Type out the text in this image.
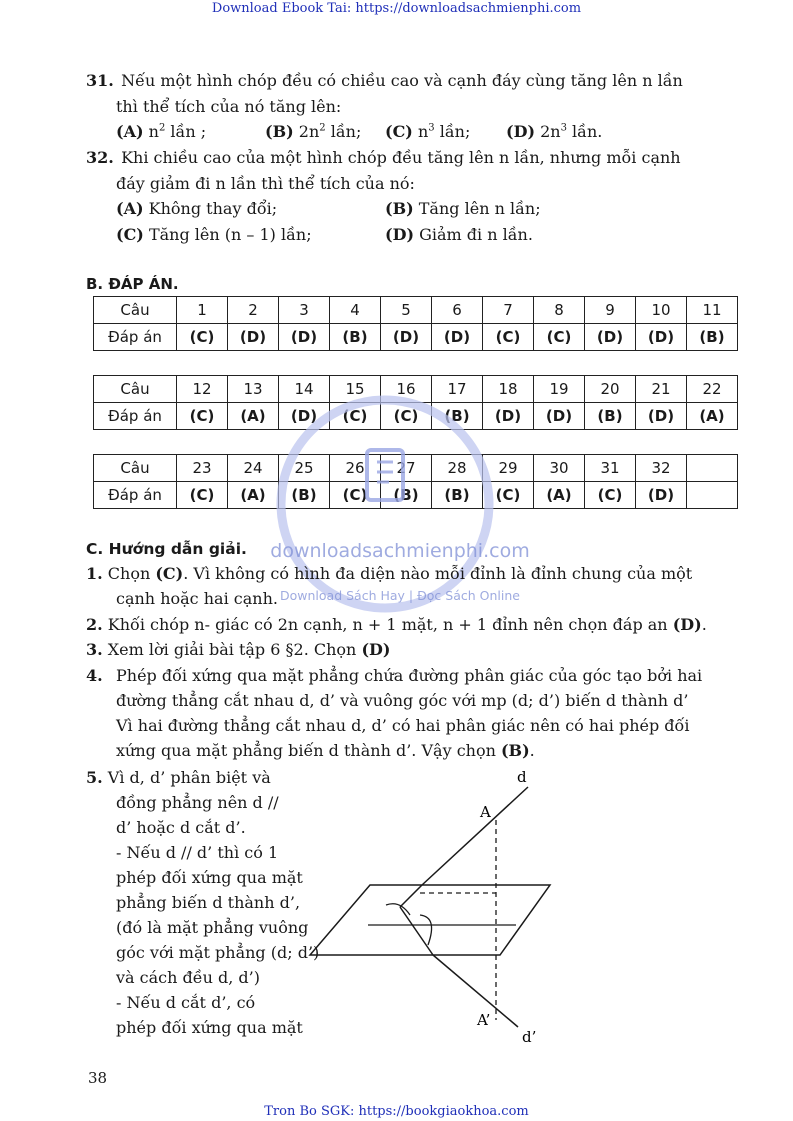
Download Ebook Tai: https://downloadsachmienphi.com
Tron Bo SGK: https://bookgiaokhoa.com
31. Nếu một hình chóp đều có chiều cao và cạnh đáy cùng tăng lên n lần
thì thể tích của nó tăng lên:
(A) $n^2$ lần ;	(B) $2n^2$ lần; (C) $n^3$ lần; (D) $2n^3$ lần.
32. Khi chiều cao của một hình chóp đều tăng lên n lần, nhưng mỗi cạnh
đáy giảm đi n lần thì thể tích của nó:
(A) Không thay đổi;	(B) Tăng lên n lần;
(C) Tăng lên (n – 1) lần;	(D) Giảm đi n lần.
B. ĐÁP ÁN.
Câu	1	2	3	4	5	6	7	8	9	10	11
Đáp án	(C)	(D)	(D)	(B)	(D)	(D)	(C)	(C)	(D)	(D)	(B)
Câu	12	13	14	15	16	17	18	19	20	21	22
Đáp án	(C)	(A)	(D)	(C)	(C)	(B)	(D)	(D)	(B)	(D)	(A)
Câu	23	24	25	26	27	28	29	30	31	32	
Đáp án	(C)	(A)	(B)	(C)	(B)	(B)	(C)	(A)	(C)	(D)	
downloadsachmienphi.com
Download Sách Hay | Đọc Sách Online
C. Hướng dẫn giải.
1. Chọn (C). Vì không có hình đa diện nào mỗi đỉnh là đỉnh chung của một
cạnh hoặc hai cạnh.
2. Khối chóp n- giác có 2n cạnh, n + 1 mặt, n + 1 đỉnh nên chọn đáp an (D).
3. Xem lời giải bài tập 6 §2. Chọn (D)
4. Phép đối xứng qua mặt phẳng chứa đường phân giác của góc tạo bởi hai
đường thẳng cắt nhau d, d’ và vuông góc với mp (d; d’) biến d thành d’
Vì hai đường thẳng cắt nhau d, d’ có hai phân giác nên có hai phép đối
xứng qua mặt phẳng biến d thành d’. Vậy chọn (B).
5. Vì d, d’ phân biệt và
đồng phẳng nên d //
d’ hoặc d cắt d’.
- Nếu d // d’ thì có 1
phép đối xứng qua mặt
phẳng biến d thành d’,
(đó là mặt phẳng vuông
góc với mặt phẳng (d; d’)
và cách đều d, d’)
- Nếu d cắt d’, có
phép đối xứng qua mặt
d
A
A’
d’
38
